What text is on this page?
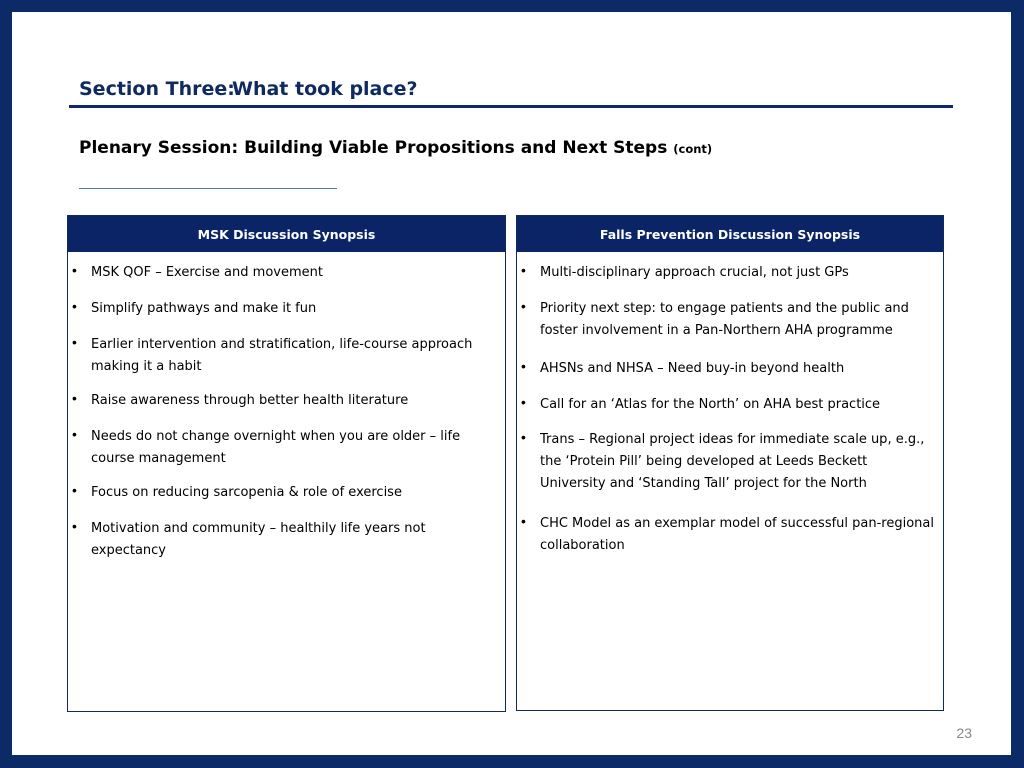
Section Three:
What took place?
Plenary Session: Building Viable Propositions and Next Steps (cont)
MSK Discussion Synopsis
• MSK QOF – Exercise and movement
• Simplify pathways and make it fun
• Earlier intervention and stratification, life-course approach making it a habit
• Raise awareness through better health literature
• Needs do not change overnight when you are older – life course management
• Focus on reducing sarcopenia & role of exercise
• Motivation and community – healthily life years not expectancy
Falls Prevention Discussion Synopsis
• Multi-disciplinary approach crucial, not just GPs
• Priority next step: to engage patients and the public and foster involvement in a Pan-Northern AHA programme
• AHSNs and NHSA – Need buy-in beyond health
• Call for an ‘Atlas for the North’ on AHA best practice
• Trans – Regional project ideas for immediate scale up, e.g., the ‘Protein Pill’ being developed at Leeds Beckett University and ‘Standing Tall’ project for the North
• CHC Model as an exemplar model of successful pan-regional collaboration
23
